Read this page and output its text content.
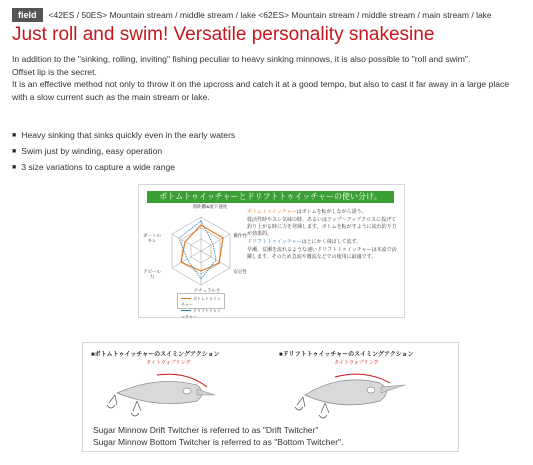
field	<42ES / 50ES> Mountain stream / middle stream / lake <62ES> Mountain stream / middle stream / main stream / lake
Just roll and swim! Versatile personality snakesine

In addition to the "sinking, rolling, inviting" fishing peculiar to heavy sinking minnows, it is also possible to "roll and swim".

Offset lip is the secret.

It is an effective method not only to throw it on the upcross and catch it at a good tempo, but also to cast it far away in a large place with a slow current such as the main stream or lake.

■ Heavy sinking that sinks quickly even in the early waters
■ Swim just by winding, easy operation
■ 3 size variations to capture a wide range
ボトムトゥイッチャーとドリフトトゥイッチャーの使い分け。
飛距離&流下速度
操作性
安定性
ナチュラルさ
アピール力
ダートのキレ
ボトムトゥイッチャー
ドリフトトゥイッチャー

ボトムトゥイッチャーはボトムを転がしながら誘う。

低活性時やスレ気味の時、あるいはアップ〜アップクロスに投げて釣り上がる時に力を発揮します。ボトムを転がすように流れ釣り方が効果的。

ドリフトトゥイッチャーはとにかく飛ばして流す。

早瀬、荒瀬を流れるような速いドリフトトゥイッチャーは本流で活躍します。そのため急流や激流などでの使用に最適です。

■ボトムトゥイッチャーのスイミングアクション
タイトウォブリング
■ドリフトトゥイッチャーのスイミングアクション
タイトウォブリング
Sugar Minnow Drift Twitcher is referred to as "Drift Twitcher"
Sugar Minnow Bottom Twitcher is referred to as "Bottom Twitcher".
